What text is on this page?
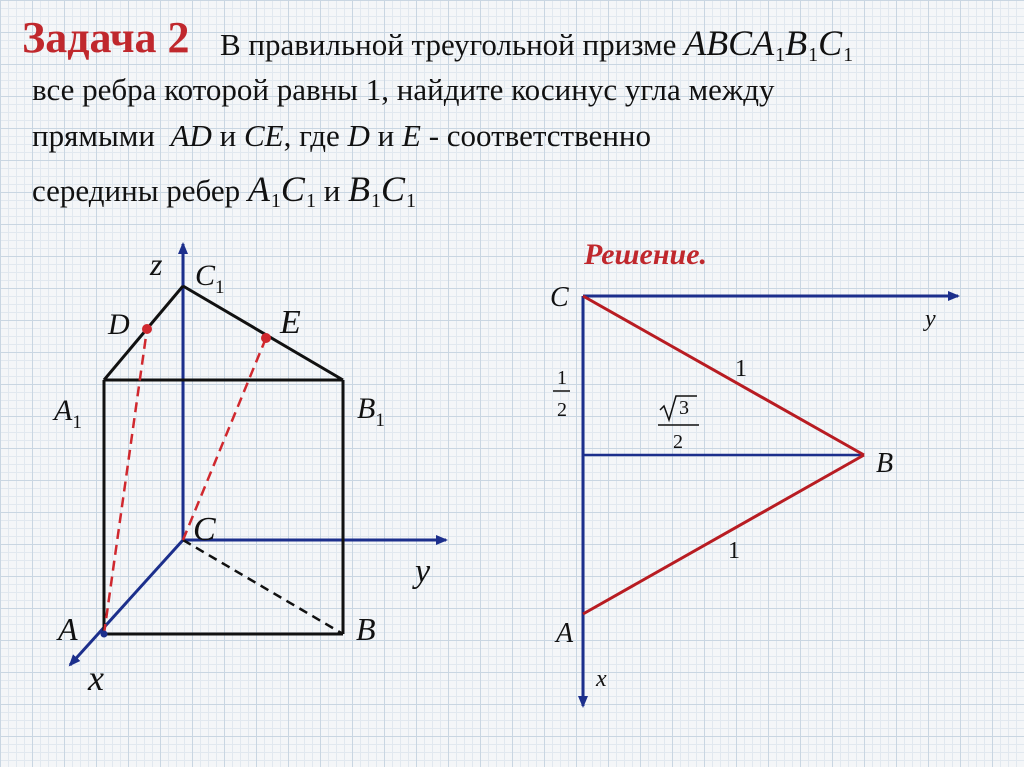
Задача 2 В правильной треугольной призме $ABCA_1B_1C_1$
все ребра которой равны 1, найдите косинус угла между
прямыми AD и CE, где D и E - соответственно
середины ребер $A_1C_1$ и $B_1C_1$
Решение.
z $C_1$
D	E
$A_1$	$B_1$
C
y
A	B
x
C
y
1
1
2	3
2
B
1
A
x
